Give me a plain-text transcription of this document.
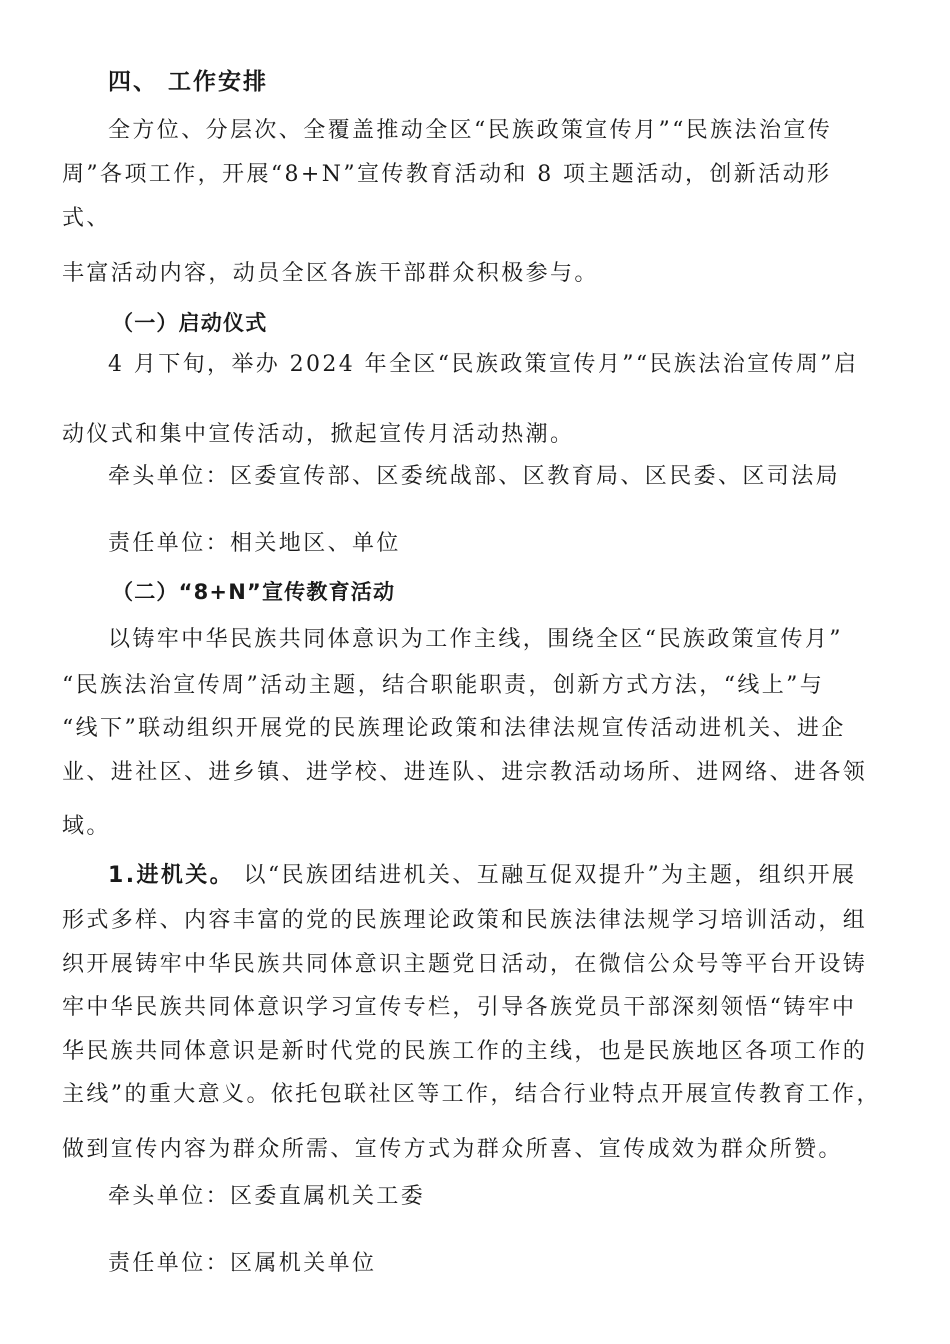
四、 工作安排
全方位、分层次、全覆盖推动全区“民族政策宣传月”“民族法治宣传
周”各项工作，开展“8+N”宣传教育活动和 8 项主题活动，创新活动形
式、
丰富活动内容，动员全区各族干部群众积极参与。
（一）启动仪式
4 月下旬，举办 2024 年全区“民族政策宣传月”“民族法治宣传周”启
动仪式和集中宣传活动，掀起宣传月活动热潮。
牵头单位：区委宣传部、区委统战部、区教育局、区民委、区司法局
责任单位：相关地区、单位
（二）“8+N”宣传教育活动
以铸牢中华民族共同体意识为工作主线，围绕全区“民族政策宣传月”
“民族法治宣传周”活动主题，结合职能职责，创新方式方法，“线上”与
“线下”联动组织开展党的民族理论政策和法律法规宣传活动进机关、进企
业、进社区、进乡镇、进学校、进连队、进宗教活动场所、进网络、进各领
域。
1.进机关。 以“民族团结进机关、互融互促双提升”为主题，组织开展
形式多样、内容丰富的党的民族理论政策和民族法律法规学习培训活动，组
织开展铸牢中华民族共同体意识主题党日活动，在微信公众号等平台开设铸
牢中华民族共同体意识学习宣传专栏，引导各族党员干部深刻领悟“铸牢中
华民族共同体意识是新时代党的民族工作的主线，也是民族地区各项工作的
主线”的重大意义。依托包联社区等工作，结合行业特点开展宣传教育工作，
做到宣传内容为群众所需、宣传方式为群众所喜、宣传成效为群众所赞。
牵头单位：区委直属机关工委
责任单位：区属机关单位
